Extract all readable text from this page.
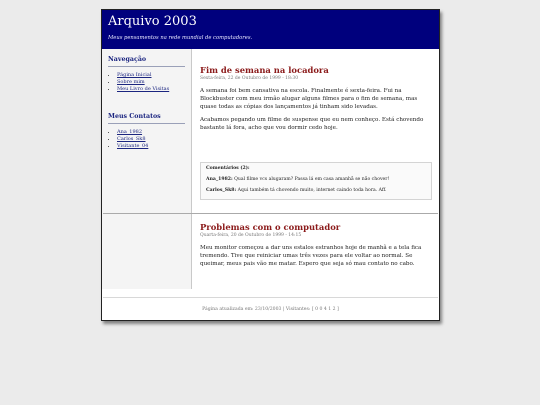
Arquivo 2003
Meus pensamentos na rede mundial de computadores.
Navegação
• Página Inicial
• Sobre mim
• Meu Livro de Visitas
Meus Contatos
• Ana_1982
• Carlos_Sk8
• Visitante_04
Fim de semana na locadora
Sexta-feira, 22 de Outubro de 1999 - 18:30

A semana foi bem cansativa na escola. Finalmente é sexta-feira. Fui na Blockbuster com meu irmão alugar alguns filmes para o fim de semana, mas quase todas as cópias dos lançamentos já tinham sido levadas.

Acabamos pegando um filme de suspense que eu nem conheço. Está chovendo bastante lá fora, acho que vou dormir cedo hoje.

Comentários (2):
Ana_1982: Qual filme vcs alugaram? Passa lá em casa amanhã se não chover!
Carlos_Sk8: Aqui também tá chovendo muito, internet caindo toda hora. Aff.
Problemas com o computador
Quarta-feira, 20 de Outubro de 1999 - 14:15

Meu monitor começou a dar uns estalos estranhos hoje de manhã e a tela fica tremendo. Tive que reiniciar umas três vezes para ele voltar ao normal. Se queimar, meus pais vão me matar. Espero que seja só mau contato no cabo.

Página atualizada em: 23/10/2003 | Visitantes: [ 0 0 4 1 2 ]
